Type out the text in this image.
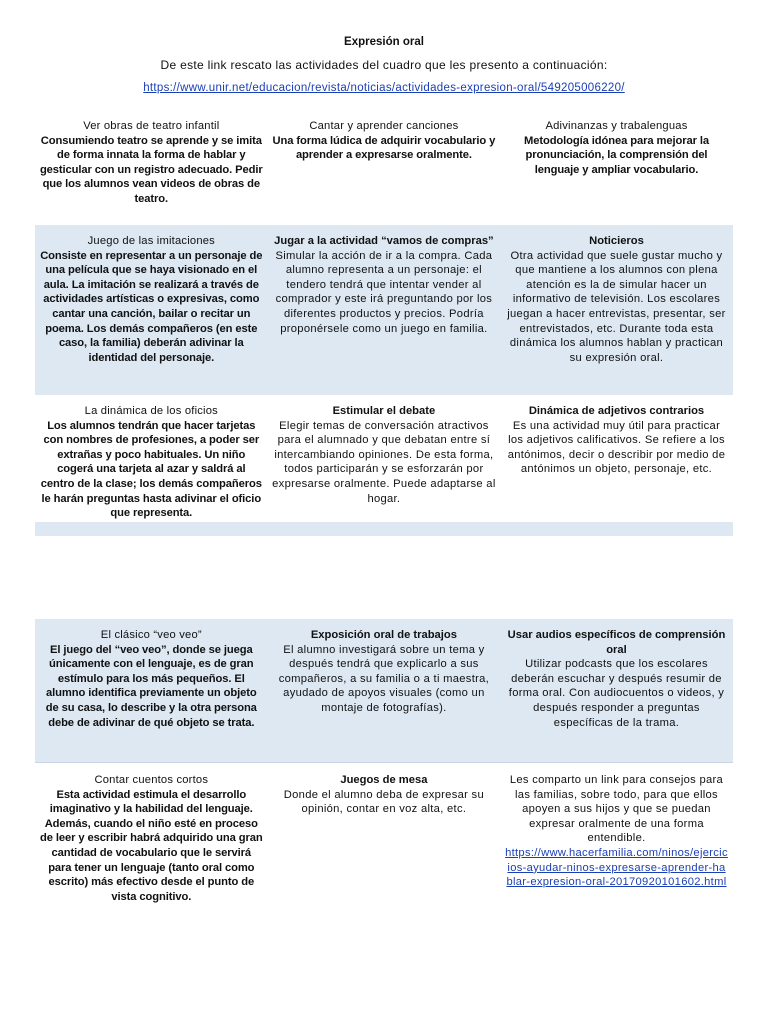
Expresión oral
De este link rescato las actividades del cuadro que les presento a continuación:
https://www.unir.net/educacion/revista/noticias/actividades-expresion-oral/549205006220/
Ver obras de teatro infantil
Consumiendo teatro se aprende y se imita de forma innata la forma de hablar y gesticular con un registro adecuado. Pedir que los alumnos vean videos de obras de teatro.
Cantar y aprender canciones
Una forma lúdica de adquirir vocabulario y aprender a expresarse oralmente.
Adivinanzas y trabalenguas
Metodología idónea para mejorar la pronunciación, la comprensión del lenguaje y ampliar vocabulario.
Juego de las imitaciones
Consiste en representar a un personaje de una película que se haya visionado en el aula. La imitación se realizará a través de actividades artísticas o expresivas, como cantar una canción, bailar o recitar un poema. Los demás compañeros (en este caso, la familia) deberán adivinar la identidad del personaje.
Jugar a la actividad “vamos de compras”
Simular la acción de ir a la compra. Cada alumno representa a un personaje: el tendero tendrá que intentar vender al comprador y este irá preguntando por los diferentes productos y precios. Podría proponérsele como un juego en familia.
Noticieros
Otra actividad que suele gustar mucho y que mantiene a los alumnos con plena atención es la de simular hacer un informativo de televisión. Los escolares juegan a hacer entrevistas, presentar, ser entrevistados, etc. Durante toda esta dinámica los alumnos hablan y practican su expresión oral.
La dinámica de los oficios
Los alumnos tendrán que hacer tarjetas con nombres de profesiones, a poder ser extrañas y poco habituales. Un niño cogerá una tarjeta al azar y saldrá al centro de la clase; los demás compañeros le harán preguntas hasta adivinar el oficio que representa.
Estimular el debate
Elegir temas de conversación atractivos para el alumnado y que debatan entre sí intercambiando opiniones. De esta forma, todos participarán y se esforzarán por expresarse oralmente. Puede adaptarse al hogar.
Dinámica de adjetivos contrarios
Es una actividad muy útil para practicar los adjetivos calificativos. Se refiere a los antónimos, decir o describir por medio de antónimos un objeto, personaje, etc.
El clásico “veo veo”
El juego del “veo veo”, donde se juega únicamente con el lenguaje, es de gran estímulo para los más pequeños. El alumno identifica previamente un objeto de su casa, lo describe y la otra persona debe de adivinar de qué objeto se trata.
Exposición oral de trabajos
El alumno investigará sobre un tema y después tendrá que explicarlo a sus compañeros, a su familia o a ti maestra, ayudado de apoyos visuales (como un montaje de fotografías).
Usar audios específicos de comprensión oral
Utilizar podcasts que los escolares deberán escuchar y después resumir de forma oral. Con audiocuentos o videos, y después responder a preguntas específicas de la trama.
Contar cuentos cortos
Esta actividad estimula el desarrollo imaginativo y la habilidad del lenguaje. Además, cuando el niño esté en proceso de leer y escribir habrá adquirido una gran cantidad de vocabulario que le servirá para tener un lenguaje (tanto oral como escrito) más efectivo desde el punto de vista cognitivo.
Juegos de mesa
Donde el alumno deba de expresar su opinión, contar en voz alta, etc.
Les comparto un link para consejos para las familias, sobre todo, para que ellos apoyen a sus hijos y que se puedan expresar oralmente de una forma entendible.
https://www.hacerfamilia.com/ninos/ejercicios-ayudar-ninos-expresarse-aprender-hablar-expresion-oral-20170920101602.html
